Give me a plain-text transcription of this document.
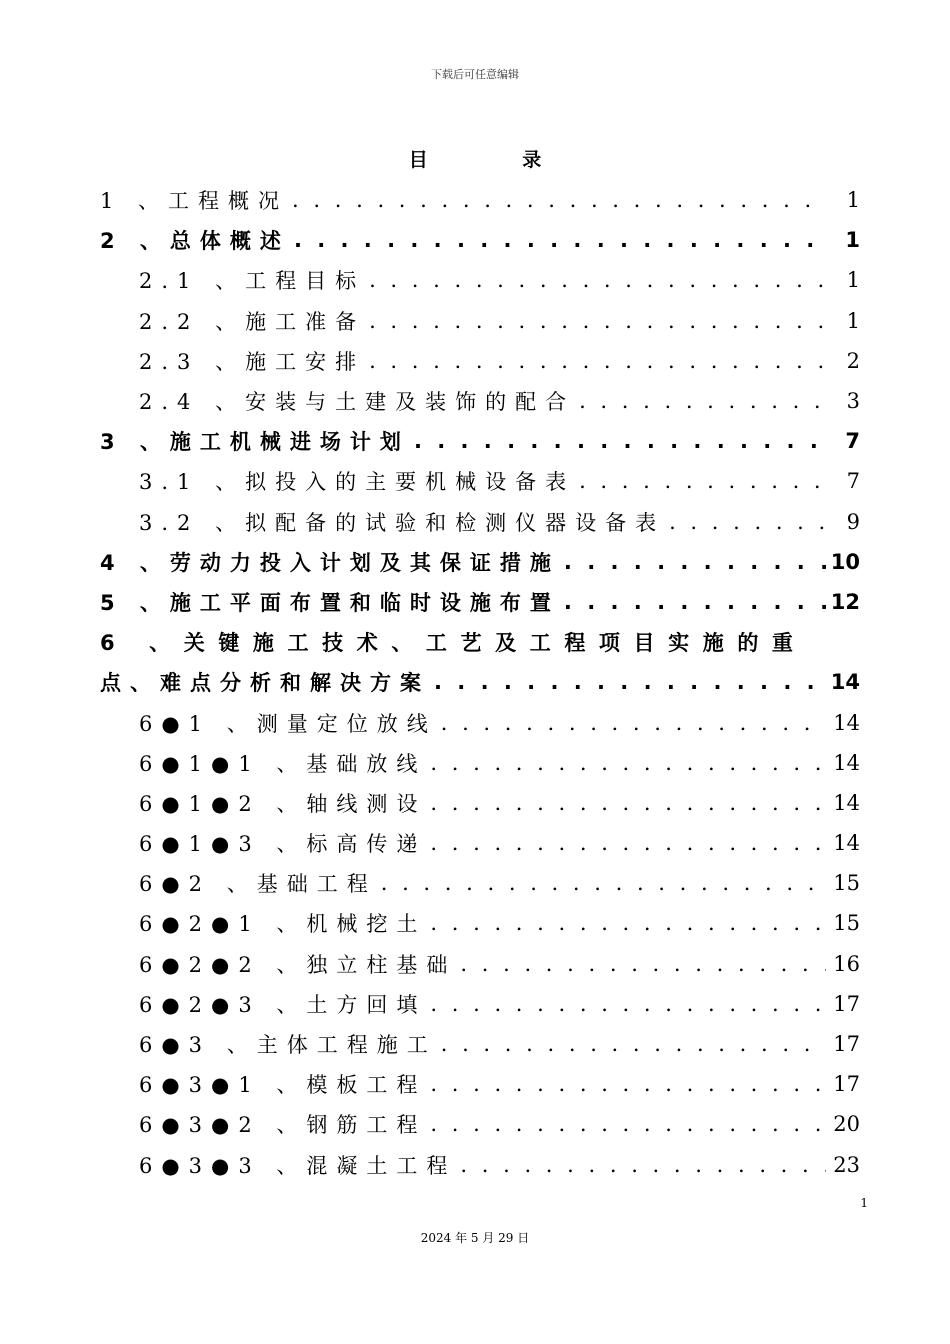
下载后可任意编辑
目 录
1 、工程概况 . . .	1
2 、总体概述 . . .	1
2.1 、工程目标 . . .	1
2.2 、施工准备 . . .	1
2.3 、施工安排 . . .	2
2.4 、安装与土建及装饰的配合 . . .	3
3 、施工机械进场计划 . . .	7
3.1 、拟投入的主要机械设备表 . . .	7
3.2 、拟配备的试验和检测仪器设备表 . . .	9
4 、劳动力投入计划及其保证措施 . . .	10
5 、施工平面布置和临时设施布置 . . .	12
6 、关键施工技术、工艺及工程项目实施的重
点、难点分析和解决方案 . . .	14
6●1 、测量定位放线 . . .	14
6●1●1 、基础放线 . . .	14
6●1●2 、轴线测设 . . .	14
6●1●3 、标高传递 . . .	14
6●2 、基础工程 . . .	15
6●2●1 、机械挖土 . . .	15
6●2●2 、独立柱基础 . . .	16
6●2●3 、土方回填 . . .	17
6●3 、主体工程施工 . . .	17
6●3●1 、模板工程 . . .	17
6●3●2 、钢筋工程 . . .	20
6●3●3 、混凝土工程 . . .	23
1
2024 年 5 月 29 日
